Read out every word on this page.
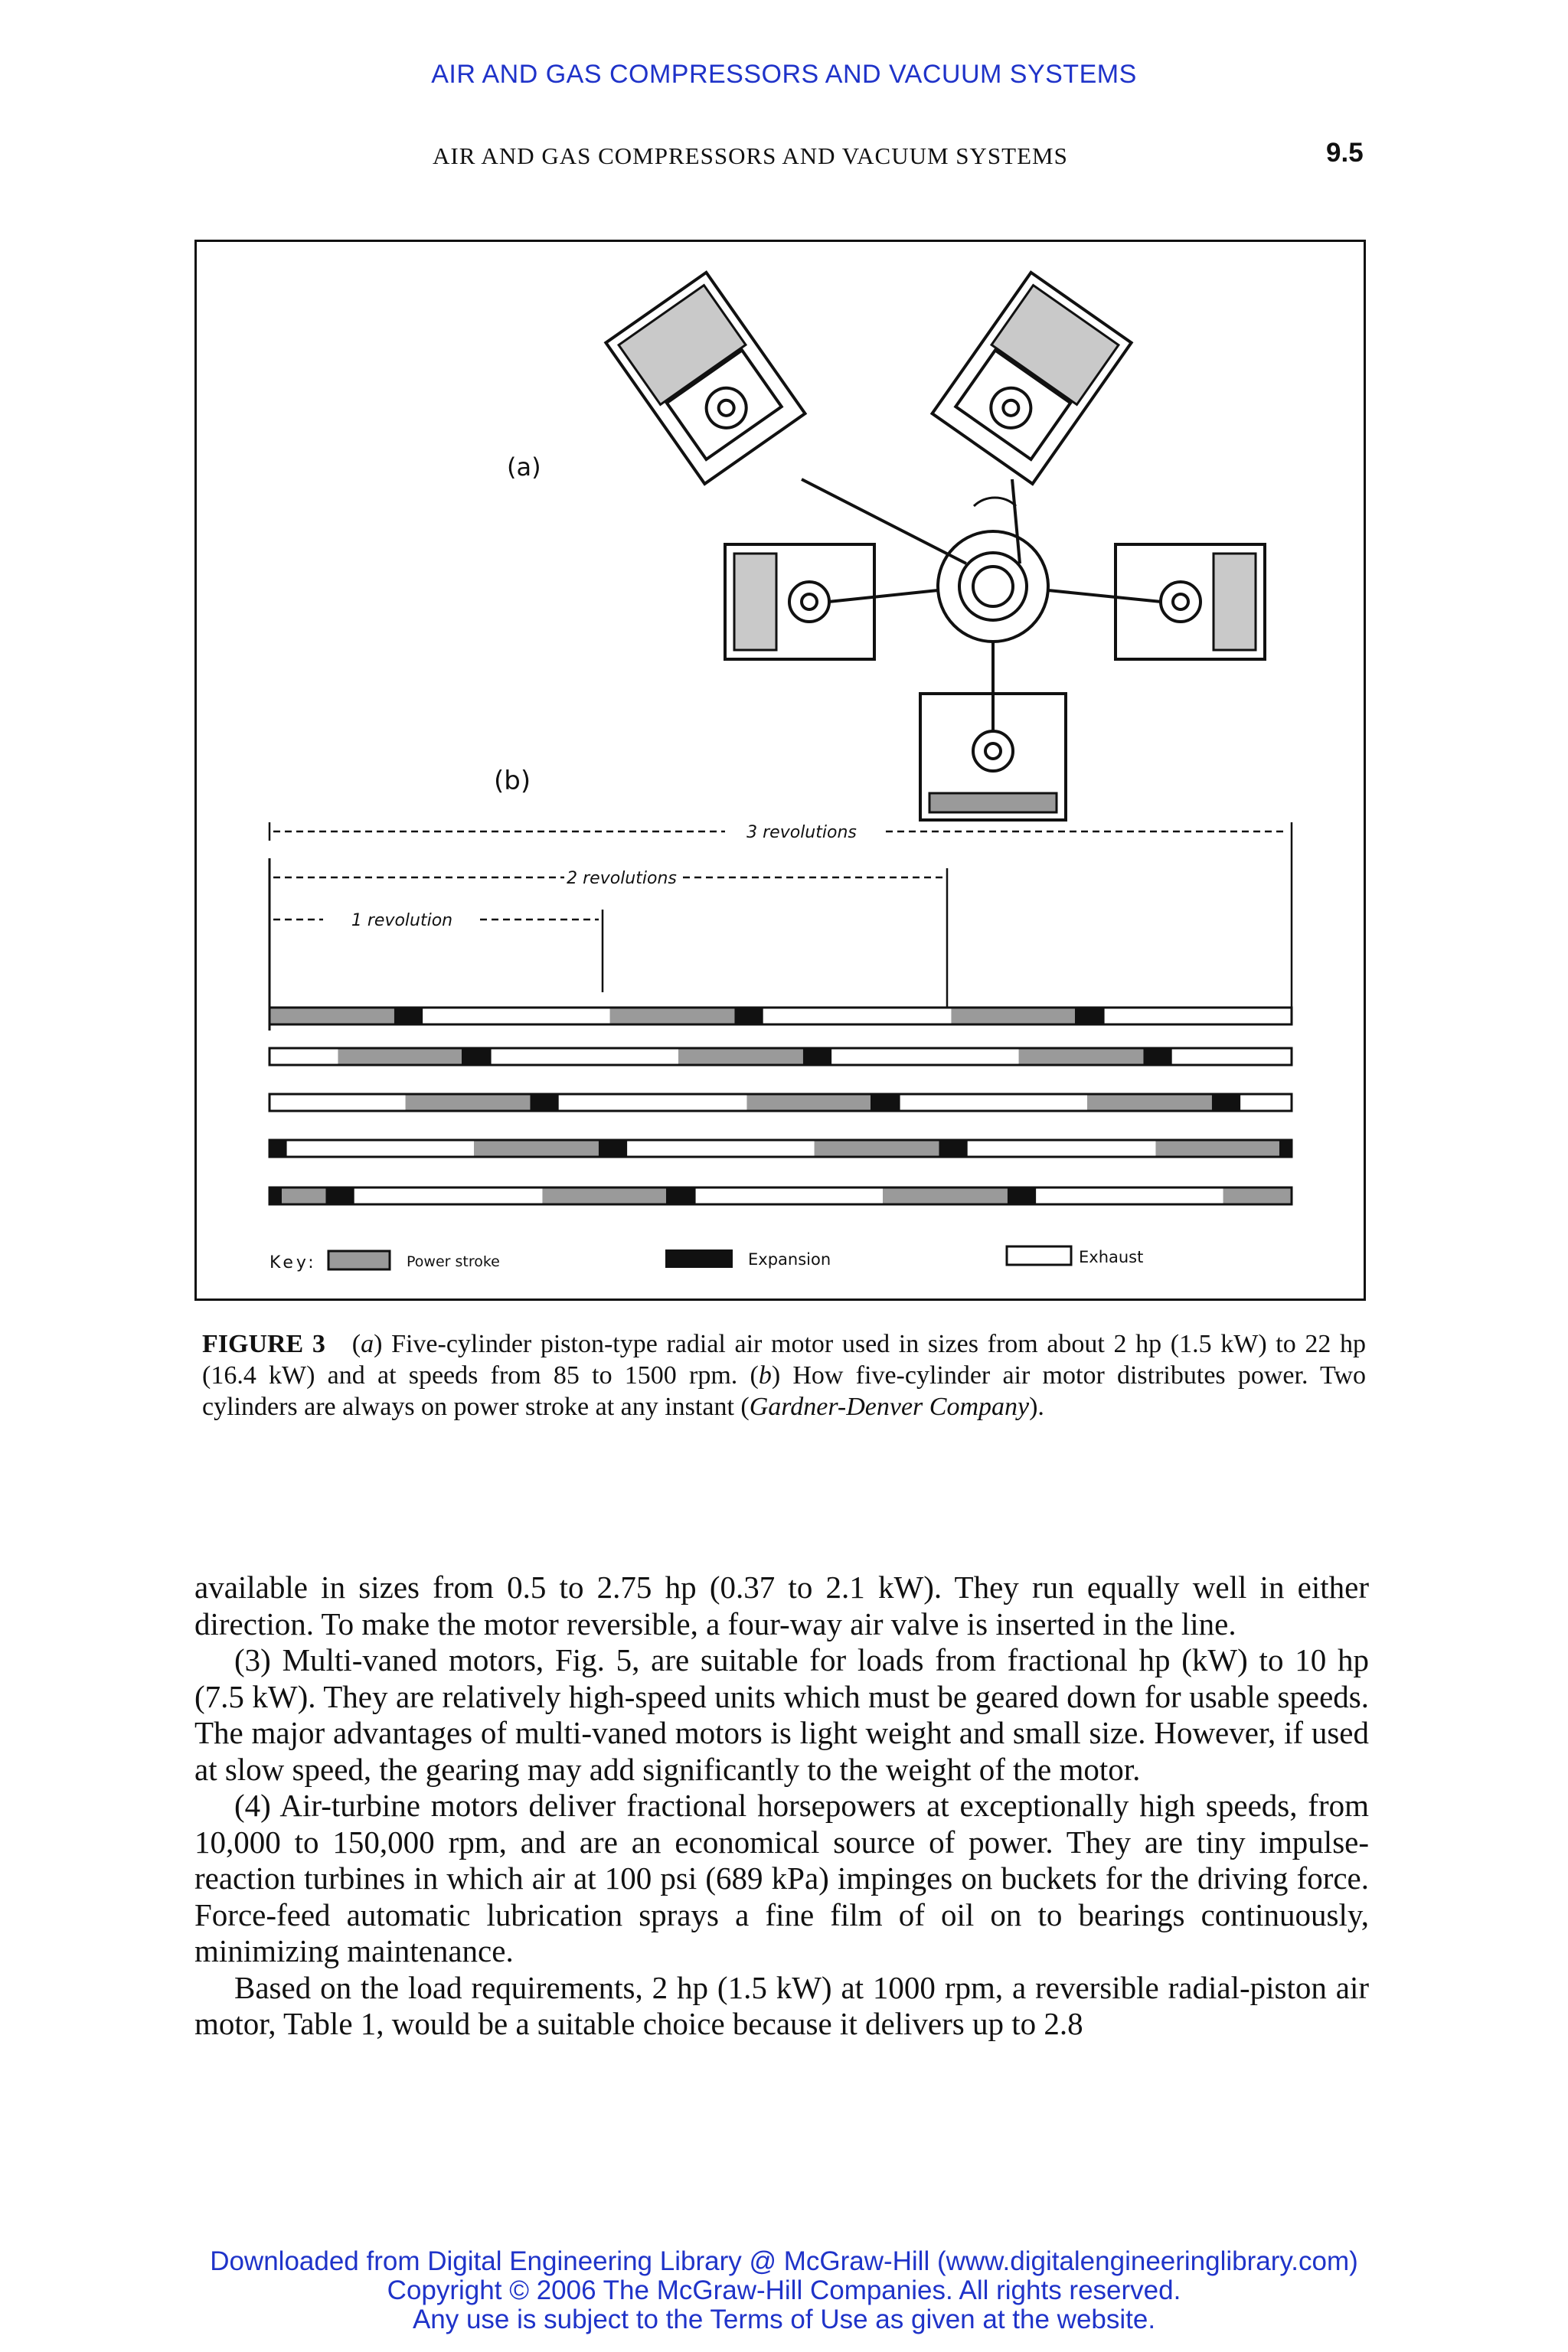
AIR AND GAS COMPRESSORS AND VACUUM SYSTEMS
AIR AND GAS COMPRESSORS AND VACUUM SYSTEMS	9.5
(a)
(b)
3 revolutions
2 revolutions
1 revolution
Key:	Power stroke	Expansion	Exhaust
FIGURE 3 (a) Five-cylinder piston-type radial air motor used in sizes from about 2 hp (1.5 kW) to 22 hp (16.4 kW) and at speeds from 85 to 1500 rpm. (b) How five-cylinder air motor distributes power. Two cylinders are always on power stroke at any instant (Gardner-Denver Company).

available in sizes from 0.5 to 2.75 hp (0.37 to 2.1 kW). They run equally well in either direction. To make the motor reversible, a four-way air valve is inserted in the line.

(3) Multi-vaned motors, Fig. 5, are suitable for loads from fractional hp (kW) to 10 hp (7.5 kW). They are relatively high-speed units which must be geared down for usable speeds. The major advantages of multi-vaned motors is light weight and small size. However, if used at slow speed, the gearing may add significantly to the weight of the motor.

(4) Air-turbine motors deliver fractional horsepowers at exceptionally high speeds, from 10,000 to 150,000 rpm, and are an economical source of power. They are tiny impulse-reaction turbines in which air at 100 psi (689 kPa) impinges on buckets for the driving force. Force-feed automatic lubrication sprays a fine film of oil on to bearings continuously, minimizing maintenance.

Based on the load requirements, 2 hp (1.5 kW) at 1000 rpm, a reversible radial-piston air motor, Table 1, would be a suitable choice because it delivers up to 2.8

Downloaded from Digital Engineering Library @ McGraw-Hill (www.digitalengineeringlibrary.com)
Copyright © 2006 The McGraw-Hill Companies. All rights reserved.
Any use is subject to the Terms of Use as given at the website.
